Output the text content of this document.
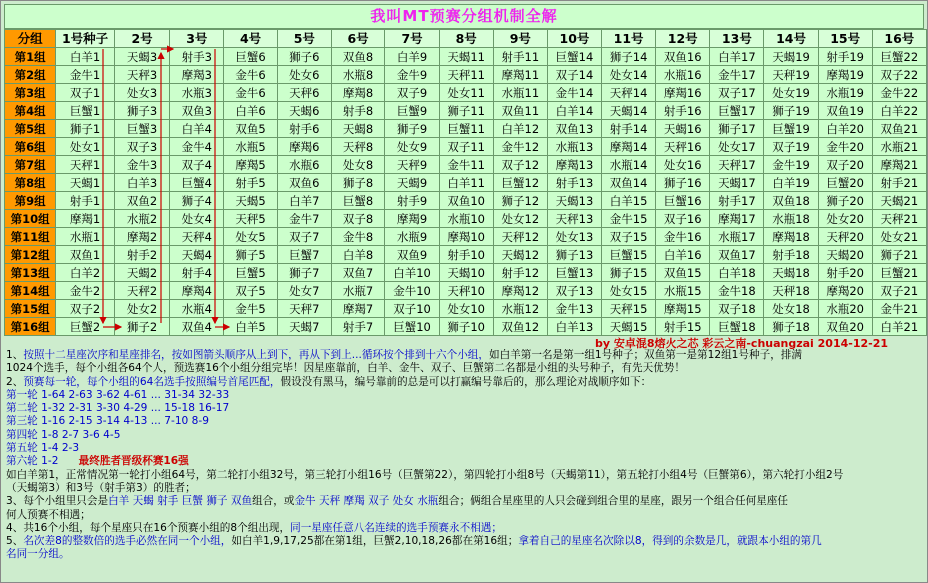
我叫MT预赛分组机制全解
分组	1号种子	2号	3号	4号	5号	6号	7号	8号	9号	10号	11号	12号	13号	14号	15号	16号
第1组	白羊1	天蝎3	射手3	巨蟹6	狮子6	双鱼8	白羊9	天蝎11	射手11	巨蟹14	狮子14	双鱼16	白羊17	天蝎19	射手19	巨蟹22
第2组	金牛1	天秤3	摩羯3	金牛6	处女6	水瓶8	金牛9	天秤11	摩羯11	双子14	处女14	水瓶16	金牛17	天秤19	摩羯19	双子22
第3组	双子1	处女3	水瓶3	金牛6	天秤6	摩羯8	双子9	处女11	水瓶11	金牛14	天秤14	摩羯16	双子17	处女19	水瓶19	金牛22
第4组	巨蟹1	狮子3	双鱼3	白羊6	天蝎6	射手8	巨蟹9	狮子11	双鱼11	白羊14	天蝎14	射手16	巨蟹17	狮子19	双鱼19	白羊22
第5组	狮子1	巨蟹3	白羊4	双鱼5	射手6	天蝎8	狮子9	巨蟹11	白羊12	双鱼13	射手14	天蝎16	狮子17	巨蟹19	白羊20	双鱼21
第6组	处女1	双子3	金牛4	水瓶5	摩羯6	天秤8	处女9	双子11	金牛12	水瓶13	摩羯14	天秤16	处女17	双子19	金牛20	水瓶21
第7组	天秤1	金牛3	双子4	摩羯5	水瓶6	处女8	天秤9	金牛11	双子12	摩羯13	水瓶14	处女16	天秤17	金牛19	双子20	摩羯21
第8组	天蝎1	白羊3	巨蟹4	射手5	双鱼6	狮子8	天蝎9	白羊11	巨蟹12	射手13	双鱼14	狮子16	天蝎17	白羊19	巨蟹20	射手21
第9组	射手1	双鱼2	狮子4	天蝎5	白羊7	巨蟹8	射手9	双鱼10	狮子12	天蝎13	白羊15	巨蟹16	射手17	双鱼18	狮子20	天蝎21
第10组	摩羯1	水瓶2	处女4	天秤5	金牛7	双子8	摩羯9	水瓶10	处女12	天秤13	金牛15	双子16	摩羯17	水瓶18	处女20	天秤21
第11组	水瓶1	摩羯2	天秤4	处女5	双子7	金牛8	水瓶9	摩羯10	天秤12	处女13	双子15	金牛16	水瓶17	摩羯18	天秤20	处女21
第12组	双鱼1	射手2	天蝎4	狮子5	巨蟹7	白羊8	双鱼9	射手10	天蝎12	狮子13	巨蟹15	白羊16	双鱼17	射手18	天蝎20	狮子21
第13组	白羊2	天蝎2	射手4	巨蟹5	狮子7	双鱼7	白羊10	天蝎10	射手12	巨蟹13	狮子15	双鱼15	白羊18	天蝎18	射手20	巨蟹21
第14组	金牛2	天秤2	摩羯4	双子5	处女7	水瓶7	金牛10	天秤10	摩羯12	双子13	处女15	水瓶15	金牛18	天秤18	摩羯20	双子21
第15组	双子2	处女2	水瓶4	金牛5	天秤7	摩羯7	双子10	处女10	水瓶12	金牛13	天秤15	摩羯15	双子18	处女18	水瓶20	金牛21
第16组	巨蟹2	狮子2	双鱼4	白羊5	天蝎7	射手7	巨蟹10	狮子10	双鱼12	白羊13	天蝎15	射手15	巨蟹18	狮子18	双鱼20	白羊21
by 安卓混8熔火之芯 彩云之南-chuangzai 2014-12-21
1、按照十二星座次序和星座排名，按如图箭头顺序从上到下，再从下到上...循环按个排到十六个小组，如白羊第一名是第一组1号种子；双鱼第一是第12组1号种子，排满
1024个选手，每个小组各64个人，预选赛16个小组分组完毕！因星座靠前，白羊、金牛、双子、巨蟹第二名都是小组的头号种子，有先天优势！
2、预赛每一轮，每个小组的64名选手按照编号首尾匹配，假设没有黑马，编号靠前的总是可以打赢编号靠后的，那么理论对战顺序如下：
第一轮 1-64 2-63 3-62 4-61 ... 31-34 32-33
第二轮 1-32 2-31 3-30 4-29 ... 15-18 16-17
第三轮 1-16 2-15 3-14 4-13 ... 7-10 8-9
第四轮 1-8 2-7 3-6 4-5
第五轮 1-4 2-3
第六轮 1-2 最终胜者晋级杯赛16强
如白羊第1，正常情况第一轮打小组64号，第二轮打小组32号，第三轮打小组16号（巨蟹第22），第四轮打小组8号（天蝎第11），第五轮打小组4号（巨蟹第6），第六轮打小组2号
（天蝎第3）和3号（射手第3）的胜者；
3、每个小组里只会是白羊 天蝎 射手 巨蟹 狮子 双鱼组合，或金牛 天秤 摩羯 双子 处女 水瓶组合；俩组合星座里的人只会碰到组合里的星座，跟另一个组合任何星座任
何人预赛不相遇；
4、共16个小组，每个星座只在16个预赛小组的8个组出现，同一星座任意八名连续的选手预赛永不相遇；
5、名次差8的整数倍的选手必然在同一个小组，如白羊1,9,17,25都在第1组，巨蟹2,10,18,26都在第16组；拿着自己的星座名次除以8，得到的余数是几，就跟本小组的第几
名同一分组。
